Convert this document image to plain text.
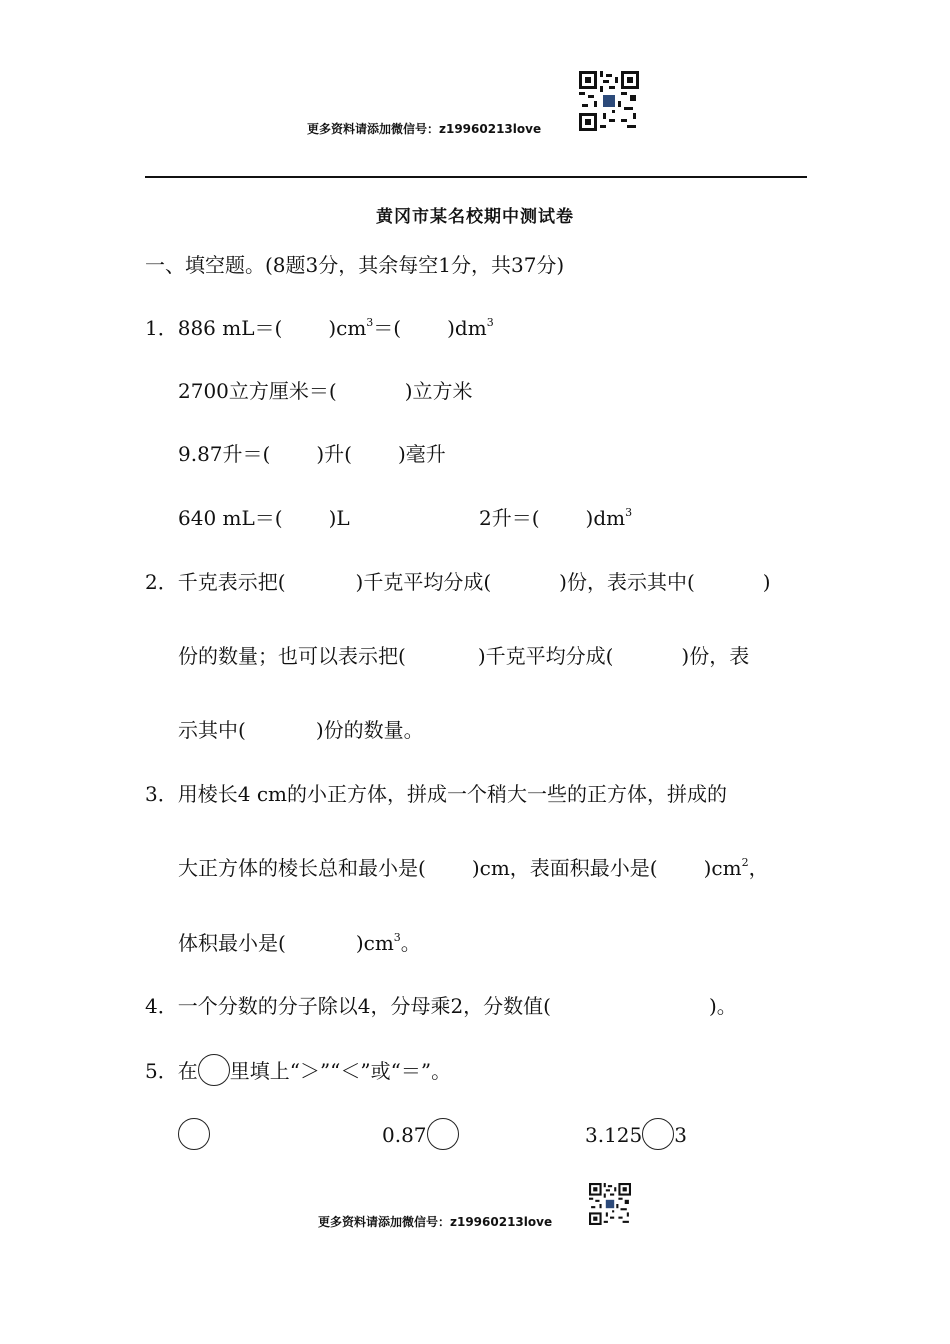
更多资料请添加微信号：z19960213love
黄冈市某名校期中测试卷
一、填空题。(8题3分，其余每空1分，共37分)
1．886 mL＝( )$cm^3=$( )$dm^3$
2700立方厘米＝(	)立方米
9.87升＝( )升( )毫升
640 mL＝( )L	2升＝( )$dm^3$
2．千克表示把(	)千克平均分成(	)份，表示其中(	)
份的数量；也可以表示把(	)千克平均分成(	)份，表
示其中(	)份的数量。
3．用棱长4 cm的小正方体，拼成一个稍大一些的正方体，拼成的
大正方体的棱长总和最小是( )cm，表面积最小是( )$cm^2$，
体积最小是(	)$cm^3$。
4．一个分数的分子除以4，分母乘2，分数值(	)。
5．在 里填上“＞”“＜”或“＝”。
0.87	3.125 3
更多资料请添加微信号：z19960213love
